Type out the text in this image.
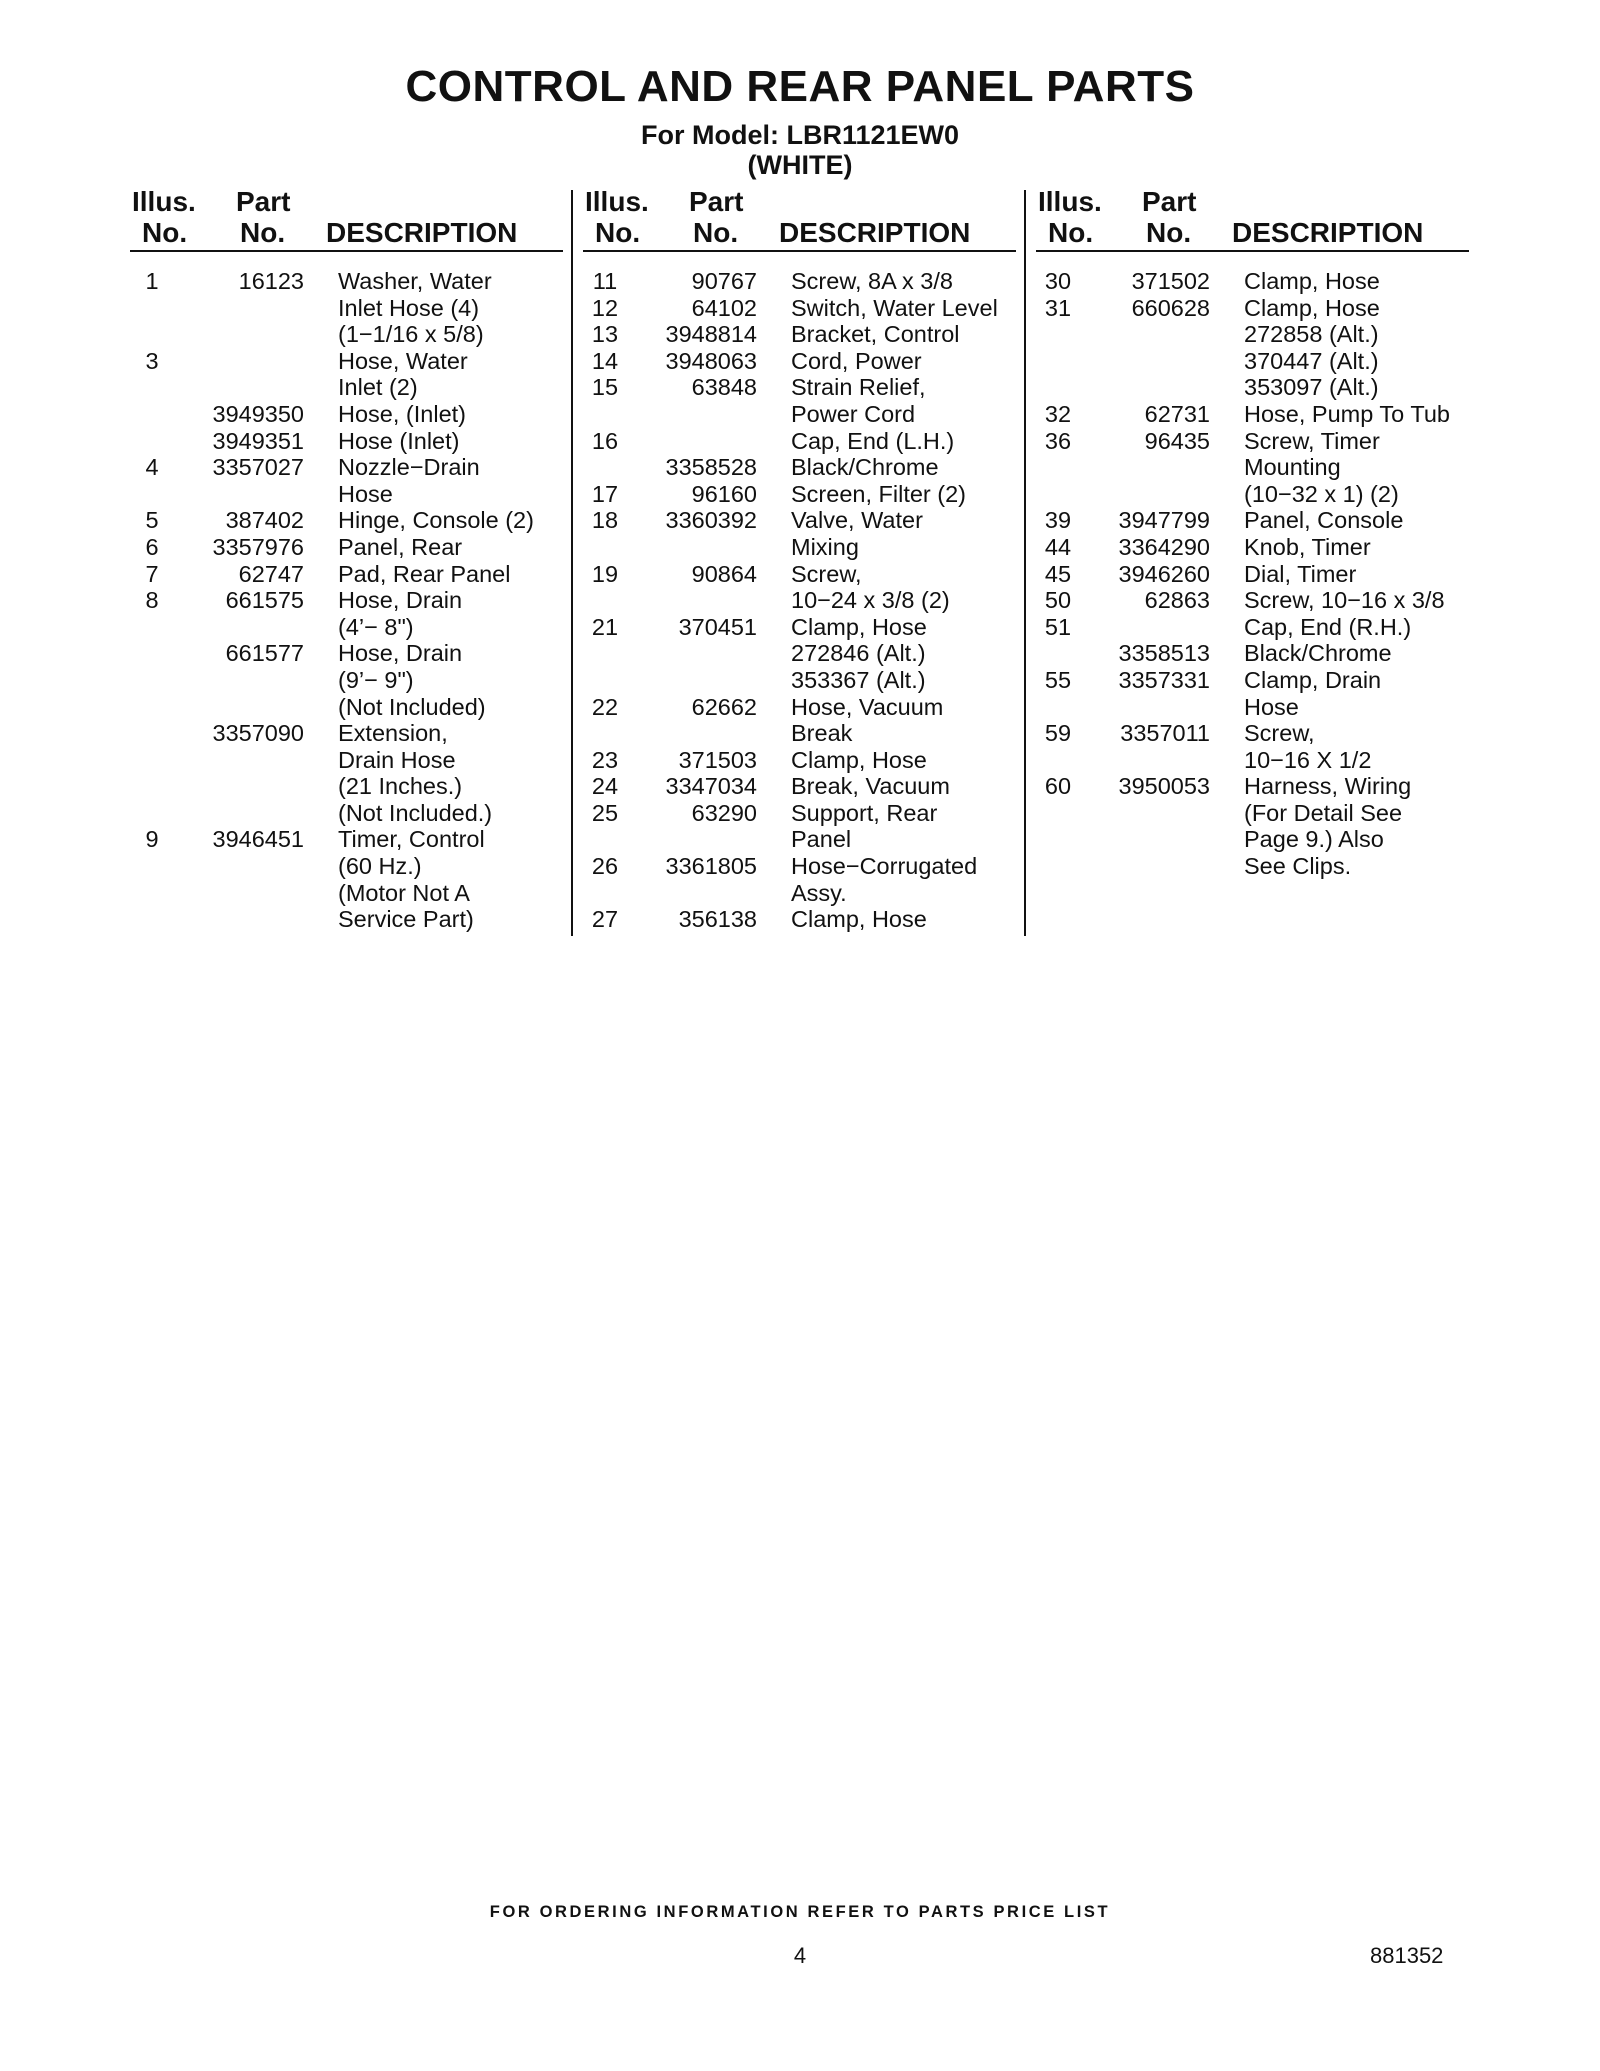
CONTROL AND REAR PANEL PARTS
For Model: LBR1121EW0
(WHITE)
Illus.
No.
Part
No. DESCRIPTION
1	16123 Washer, Water
Inlet Hose (4)
(1−1/16 x 5/8)
3	Hose, Water
Inlet (2)
3949350 Hose, (Inlet)
3949351 Hose (Inlet)
4	3357027 Nozzle−Drain
Hose
5	387402 Hinge, Console (2)
6	3357976 Panel, Rear
7	62747 Pad, Rear Panel
8	661575 Hose, Drain
(4’− 8")
661577 Hose, Drain
(9’− 9")
(Not Included)
3357090 Extension,
Drain Hose
(21 Inches.)
(Not Included.)
9	3946451 Timer, Control
(60 Hz.)
(Motor Not A
Service Part)
Illus.
No.
Part
No. DESCRIPTION
11	90767 Screw, 8A x 3/8
12	64102 Switch, Water Level
13	3948814 Bracket, Control
14	3948063 Cord, Power
15	63848 Strain Relief,
Power Cord
16	Cap, End (L.H.)
3358528 Black/Chrome
17	96160 Screen, Filter (2)
18	3360392 Valve, Water
Mixing
19	90864 Screw,
10−24 x 3/8 (2)
21	370451 Clamp, Hose
272846 (Alt.)
353367 (Alt.)
22	62662 Hose, Vacuum
Break
23	371503 Clamp, Hose
24	3347034 Break, Vacuum
25	63290 Support, Rear
Panel
26	3361805 Hose−Corrugated
Assy.
27	356138 Clamp, Hose
Illus.
No.
Part
No. DESCRIPTION
30	371502 Clamp, Hose
31	660628 Clamp, Hose
272858 (Alt.)
370447 (Alt.)
353097 (Alt.)
32	62731 Hose, Pump To Tub
36	96435 Screw, Timer
Mounting
(10−32 x 1) (2)
39	3947799 Panel, Console
44	3364290 Knob, Timer
45	3946260 Dial, Timer
50	62863 Screw, 10−16 x 3/8
51	Cap, End (R.H.)
3358513 Black/Chrome
55	3357331 Clamp, Drain
Hose
59	3357011 Screw,
10−16 X 1/2
60	3950053 Harness, Wiring
(For Detail See
Page 9.) Also
See Clips.
FOR ORDERING INFORMATION REFER TO PARTS PRICE LIST
4	881352
